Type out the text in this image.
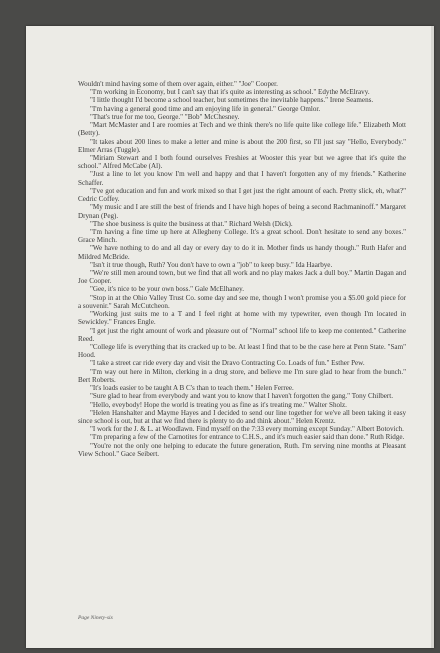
Wouldn't mind having some of them over again, either." "Joe" Cooper.

"I'm working in Economy, but I can't say that it's quite as interesting as school." Edythe McElravy.

"I little thought I'd become a school teacher, but sometimes the inevitable happens." Irene Seamens.

"I'm having a general good time and am enjoying life in general." George Omlor.

"That's true for me too, George." "Bob" McChesney.

"Mart McMaster and I are roomies at Tech and we think there's no life quite like college life." Elizabeth Mott (Betty).

"It takes about 200 lines to make a letter and mine is about the 200 first, so I'll just say "Hello, Everybody." Elmer Arras (Tuggle).

"Miriam Stewart and I both found ourselves Freshies at Wooster this year but we agree that it's quite the school." Alfred McCabe (Al).

"Just a line to let you know I'm well and happy and that I haven't forgotten any of my friends." Katherine Schaffer.

"I've got education and fun and work mixed so that I get just the right amount of each. Pretty slick, eh, what?" Cedric Coffey.

"My music and I are still the best of friends and I have high hopes of being a second Rachmaninoff." Margaret Drynan (Peg).

"The shoe business is quite the business at that." Richard Welsh (Dick).

"I'm having a fine time up here at Allegheny College. It's a great school. Don't hesitate to send any boxes." Grace Minch.

"We have nothing to do and all day or every day to do it in. Mother finds us handy though." Ruth Hafer and Mildred McBride.

"Isn't it true though, Ruth? You don't have to own a "job" to keep busy." Ida Haarbye.

"We're still men around town, but we find that all work and no play makes Jack a dull boy." Martin Dagan and Joe Cooper.

"Gee, it's nice to be your own boss." Gale McElhaney.

"Stop in at the Ohio Valley Trust Co. some day and see me, though I won't promise you a $5.00 gold piece for a souvenir." Sarah McCutcheon.

"Working just suits me to a T and I feel right at home with my typewriter, even though I'm located in Sewickley." Frances Engle.

"I get just the right amount of work and pleasure out of "Normal" school life to keep me contented." Catherine Reed.

"College life is everything that its cracked up to be. At least I find that to be the case here at Penn State. "Sam" Hood.

"I take a street car ride every day and visit the Dravo Contracting Co. Loads of fun." Esther Pew.

"I'm way out here in Milton, clerking in a drug store, and believe me I'm sure glad to hear from the bunch." Bert Roberts.

"It's loads easier to be taught A B C's than to teach them." Helen Ferree.

"Sure glad to hear from everybody and want you to know that I haven't forgotten the gang." Tony Chilbert.

"Hello, eveybody! Hope the world is treating you as fine as it's treating me." Walter Sholz.

"Helen Hanshalter and Mayme Hayes and I decided to send our line together for we've all been taking it easy since school is out, but at that we find there is plenty to do and think about." Helen Krentz.

"I work for the J. & L. at Woodlawn. Find myself on the 7:33 every morning except Sunday." Albert Botovich.

"I'm preparing a few of the Carnotites for entrance to C.H.S., and it's much easier said than done." Ruth Ridge.

"You're not the only one helping to educate the future generation, Ruth. I'm serving nine months at Pleasant View School." Gace Seibert.

Page Ninety-six
